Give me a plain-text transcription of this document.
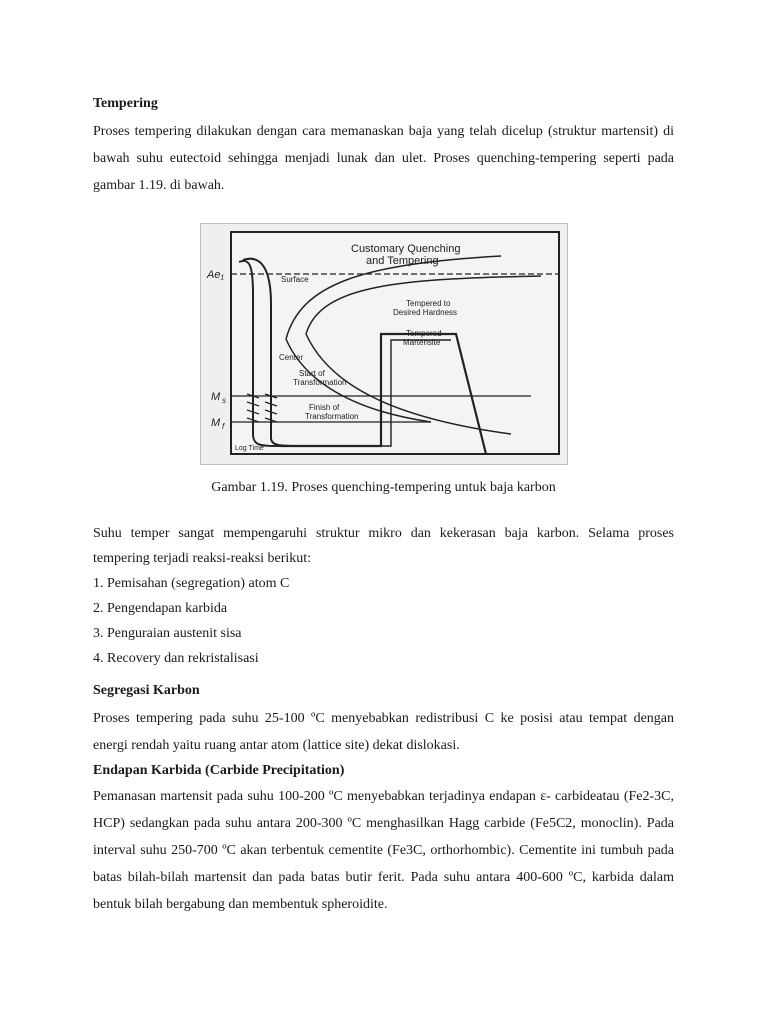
Tempering

Proses tempering dilakukan dengan cara memanaskan baja yang telah dicelup (struktur martensit) di bawah suhu eutectoid sehingga menjadi lunak dan ulet. Proses quenching-tempering seperti pada gambar 1.19. di bawah.

Customary Quenching
and Tempering
Ae₁
M s
M f
Surface
Center
Start of
Transformation
Finish of
Transformation
Tempered to
Desired Hardness
Tempered
Martensite
Log Time
Gambar 1.19. Proses quenching-tempering untuk baja karbon

Suhu temper sangat mempengaruhi struktur mikro dan kekerasan baja karbon. Selama proses tempering terjadi reaksi-reaksi berikut:

1. Pemisahan (segregation) atom C
2. Pengendapan karbida
3. Penguraian austenit sisa
4. Recovery dan rekristalisasi
Segregasi Karbon

Proses tempering pada suhu 25-100 ºC menyebabkan redistribusi C ke posisi atau tempat dengan energi rendah yaitu ruang antar atom (lattice site) dekat dislokasi.

Endapan Karbida (Carbide Precipitation)

Pemanasan martensit pada suhu 100-200 ºC menyebabkan terjadinya endapan ε- carbideatau (Fe2-3C, HCP) sedangkan pada suhu antara 200-300 ºC menghasilkan Hagg carbide (Fe5C2, monoclin). Pada interval suhu 250-700 ºC akan terbentuk cementite (Fe3C, orthorhombic). Cementite ini tumbuh pada batas bilah-bilah martensit dan pada batas butir ferit. Pada suhu antara 400-600 ºC, karbida dalam bentuk bilah bergabung dan membentuk spheroidite.
